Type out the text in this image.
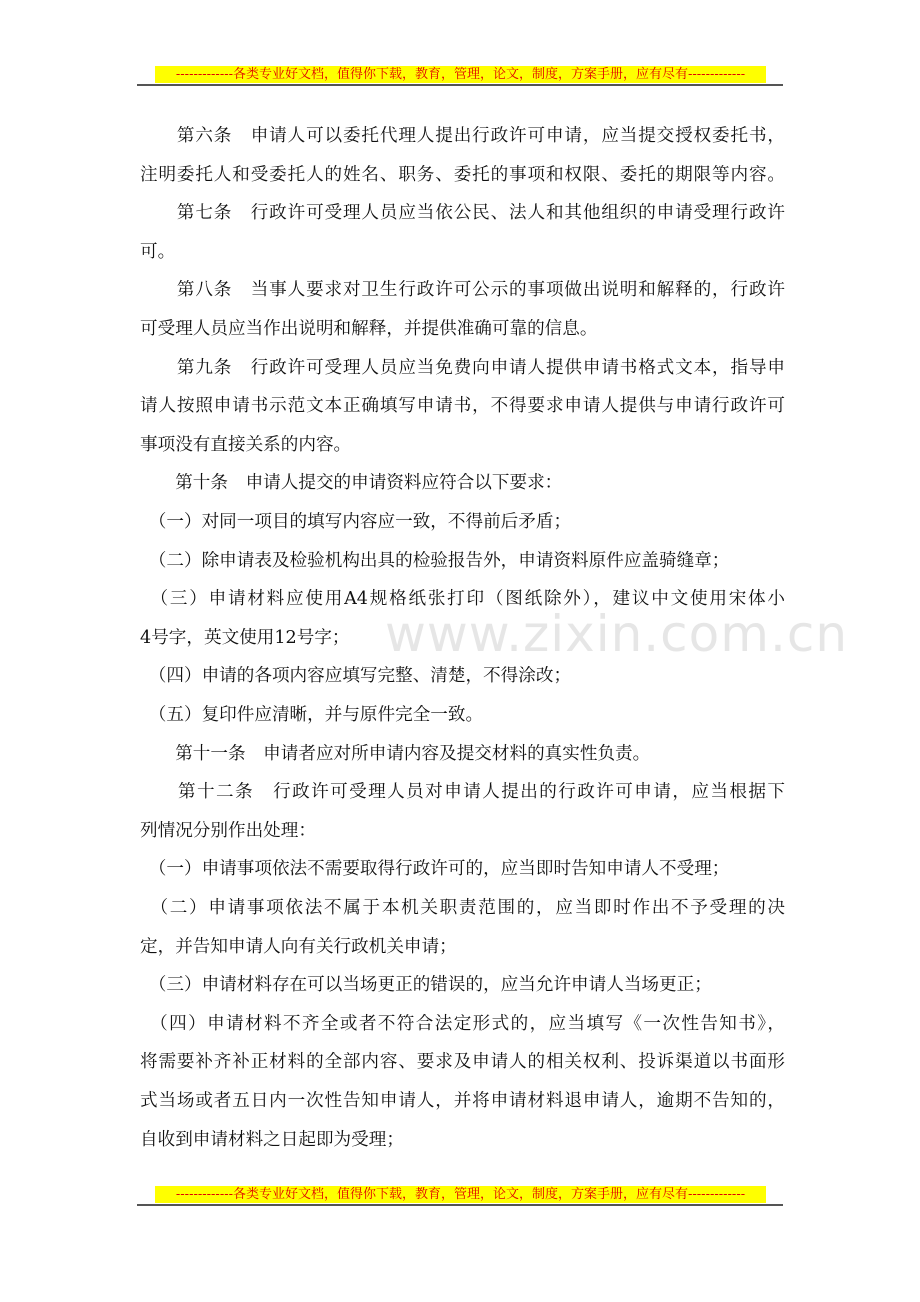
-------------各类专业好文档，值得你下载，教育，管理，论文，制度，方案手册，应有尽有-------------
www.zixin.com.cn
　　第六条　申请人可以委托代理人提出行政许可申请，应当提交授权委托书，
注明委托人和受委托人的姓名、职务、委托的事项和权限、委托的期限等内容。
　　第七条　行政许可受理人员应当依公民、法人和其他组织的申请受理行政许
可。
　　第八条　当事人要求对卫生行政许可公示的事项做出说明和解释的，行政许
可受理人员应当作出说明和解释，并提供准确可靠的信息。
　　第九条　行政许可受理人员应当免费向申请人提供申请书格式文本，指导申
请人按照申请书示范文本正确填写申请书，不得要求申请人提供与申请行政许可
事项没有直接关系的内容。
　　第十条　申请人提交的申请资料应符合以下要求：
　（一）对同一项目的填写内容应一致，不得前后矛盾；
　（二）除申请表及检验机构出具的检验报告外，申请资料原件应盖骑缝章；
　（三）申请材料应使用A4规格纸张打印（图纸除外），建议中文使用宋体小
4号字，英文使用12号字；
　（四）申请的各项内容应填写完整、清楚，不得涂改；
　（五）复印件应清晰，并与原件完全一致。
　　第十一条　申请者应对所申请内容及提交材料的真实性负责。
　　第十二条　行政许可受理人员对申请人提出的行政许可申请，应当根据下
列情况分别作出处理：
　（一）申请事项依法不需要取得行政许可的，应当即时告知申请人不受理；
　（二）申请事项依法不属于本机关职责范围的，应当即时作出不予受理的决
定，并告知申请人向有关行政机关申请；
　（三）申请材料存在可以当场更正的错误的，应当允许申请人当场更正；
　（四）申请材料不齐全或者不符合法定形式的，应当填写《一次性告知书》，
将需要补齐补正材料的全部内容、要求及申请人的相关权利、投诉渠道以书面形
式当场或者五日内一次性告知申请人，并将申请材料退申请人，逾期不告知的，
自收到申请材料之日起即为受理；
-------------各类专业好文档，值得你下载，教育，管理，论文，制度，方案手册，应有尽有-------------
